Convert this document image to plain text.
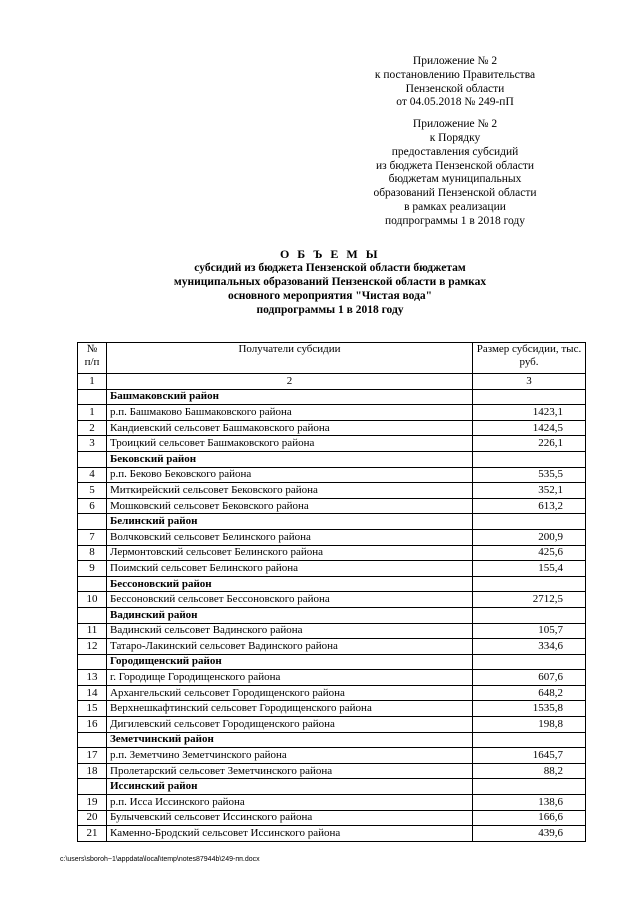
Приложение № 2
к постановлению Правительства
Пензенской области
от 04.05.2018 № 249-пП
Приложение № 2
к Порядку
предоставления субсидий
из бюджета Пензенской области
бюджетам муниципальных
образований Пензенской области
в рамках реализации
подпрограммы 1 в 2018 году
О Б Ъ Е М Ы
субсидий из бюджета Пензенской области бюджетам
муниципальных образований Пензенской области в рамках
основного мероприятия "Чистая вода"
подпрограммы 1 в 2018 году
№ п/п	Получатели субсидии	Размер субсидии, тыс. руб.
1	2	3
	Башмаковский район	
1	р.п. Башмаково Башмаковского района	1423,1
2	Кандиевский сельсовет Башмаковского района	1424,5
3	Троицкий сельсовет Башмаковского района	226,1
	Бековский район	
4	р.п. Беково Бековского района	535,5
5	Миткирейский сельсовет Бековского района	352,1
6	Мошковский сельсовет Бековского района	613,2
	Белинский район	
7	Волчковский сельсовет Белинского района	200,9
8	Лермонтовский сельсовет Белинского района	425,6
9	Поимский сельсовет Белинского района	155,4
	Бессоновский район	
10	Бессоновский сельсовет Бессоновского района	2712,5
	Вадинский район	
11	Вадинский сельсовет Вадинского района	105,7
12	Татаро-Лакинский сельсовет Вадинского района	334,6
	Городищенский район	
13	г. Городище Городищенского района	607,6
14	Архангельский сельсовет Городищенского района	648,2
15	Верхнешкафтинский сельсовет Городищенского района	1535,8
16	Дигилевский сельсовет Городищенского района	198,8
	Земетчинский район	
17	р.п. Земетчино Земетчинского района	1645,7
18	Пролетарский сельсовет Земетчинского района	88,2
	Иссинский район	
19	р.п. Исса Иссинского района	138,6
20	Булычевский сельсовет Иссинского района	166,6
21	Каменно-Бродский сельсовет Иссинского района	439,6
c:\users\sboroh~1\appdata\local\temp\notes87944b\249-пп.docx
